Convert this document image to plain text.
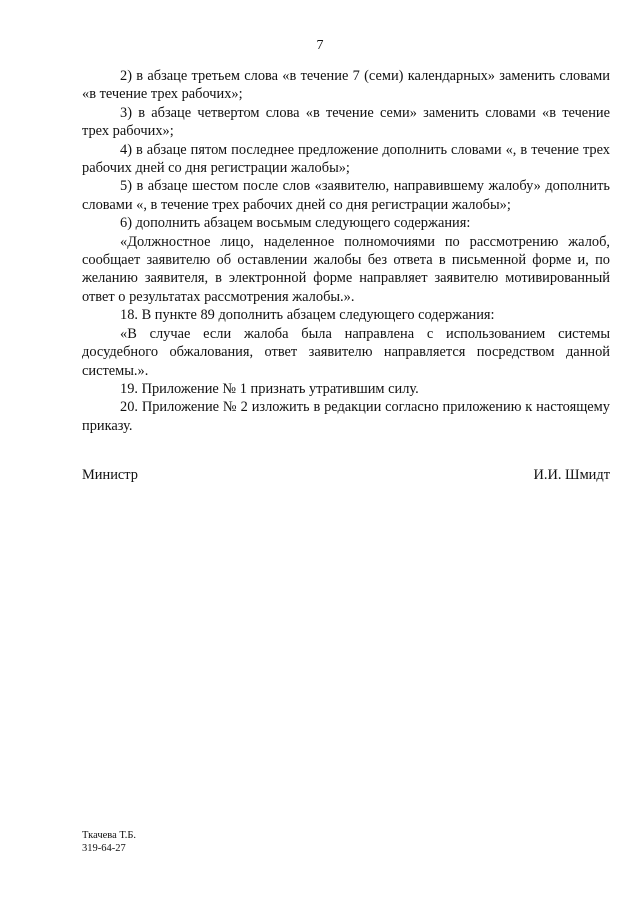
7

2) в абзаце третьем слова «в течение 7 (семи) календарных» заменить словами «в течение трех рабочих»;

3) в абзаце четвертом слова «в течение семи» заменить словами «в течение трех рабочих»;

4) в абзаце пятом последнее предложение дополнить словами «, в течение трех рабочих дней со дня регистрации жалобы»;

5) в абзаце шестом после слов «заявителю, направившему жалобу» дополнить словами «, в течение трех рабочих дней со дня регистрации жалобы»;

6) дополнить абзацем восьмым следующего содержания:

«Должностное лицо, наделенное полномочиями по рассмотрению жалоб, сообщает заявителю об оставлении жалобы без ответа в письменной форме и, по желанию заявителя, в электронной форме направляет заявителю мотивированный ответ о результатах рассмотрения жалобы.».

18. В пункте 89 дополнить абзацем следующего содержания:

«В случае если жалоба была направлена с использованием системы досудебного обжалования, ответ заявителю направляется посредством данной системы.».

19. Приложение № 1 признать утратившим силу.

20. Приложение № 2 изложить в редакции согласно приложению к настоящему приказу.

Министр	И.И. Шмидт
Ткачева Т.Б.
319-64-27
